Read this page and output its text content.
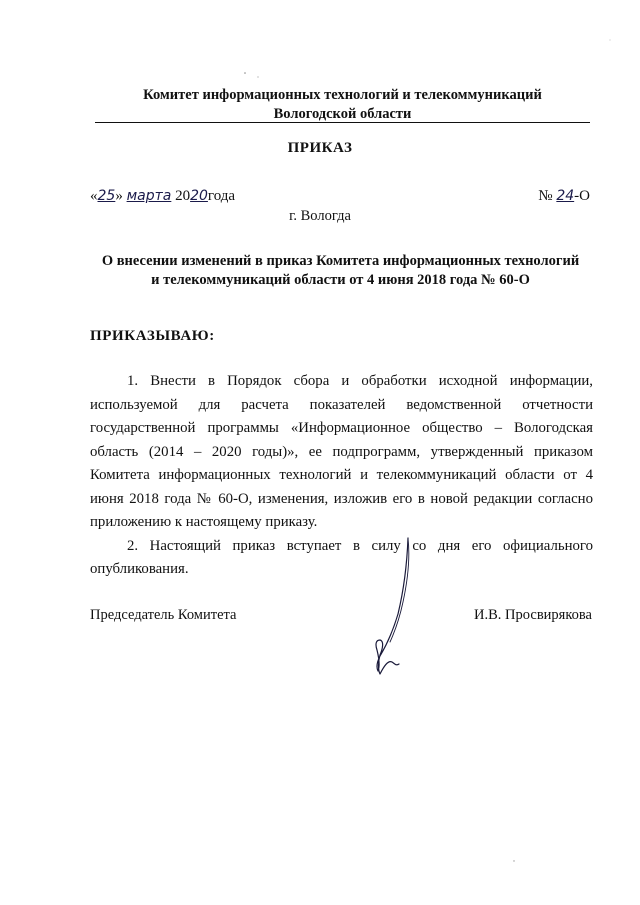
Комитет информационных технологий и телекоммуникаций
Вологодской области
ПРИКАЗ
«25» марта 2020года	№ 24-О
г. Вологда
О внесении изменений в приказ Комитета информационных технологий
и телекоммуникаций области от 4 июня 2018 года № 60-О
ПРИКАЗЫВАЮ:

1. Внести в Порядок сбора и обработки исходной информации, используемой для расчета показателей ведомственной отчетности государственной программы «Информационное общество – Вологодская область (2014 – 2020 годы)», ее подпрограмм, утвержденный приказом Комитета информационных технологий и телекоммуникаций области от 4 июня 2018 года № 60-О, изменения, изложив его в новой редакции согласно приложению к настоящему приказу.

2. Настоящий приказ вступает в силу со дня его официального опубликования.

Председатель Комитета	И.В. Просвирякова
